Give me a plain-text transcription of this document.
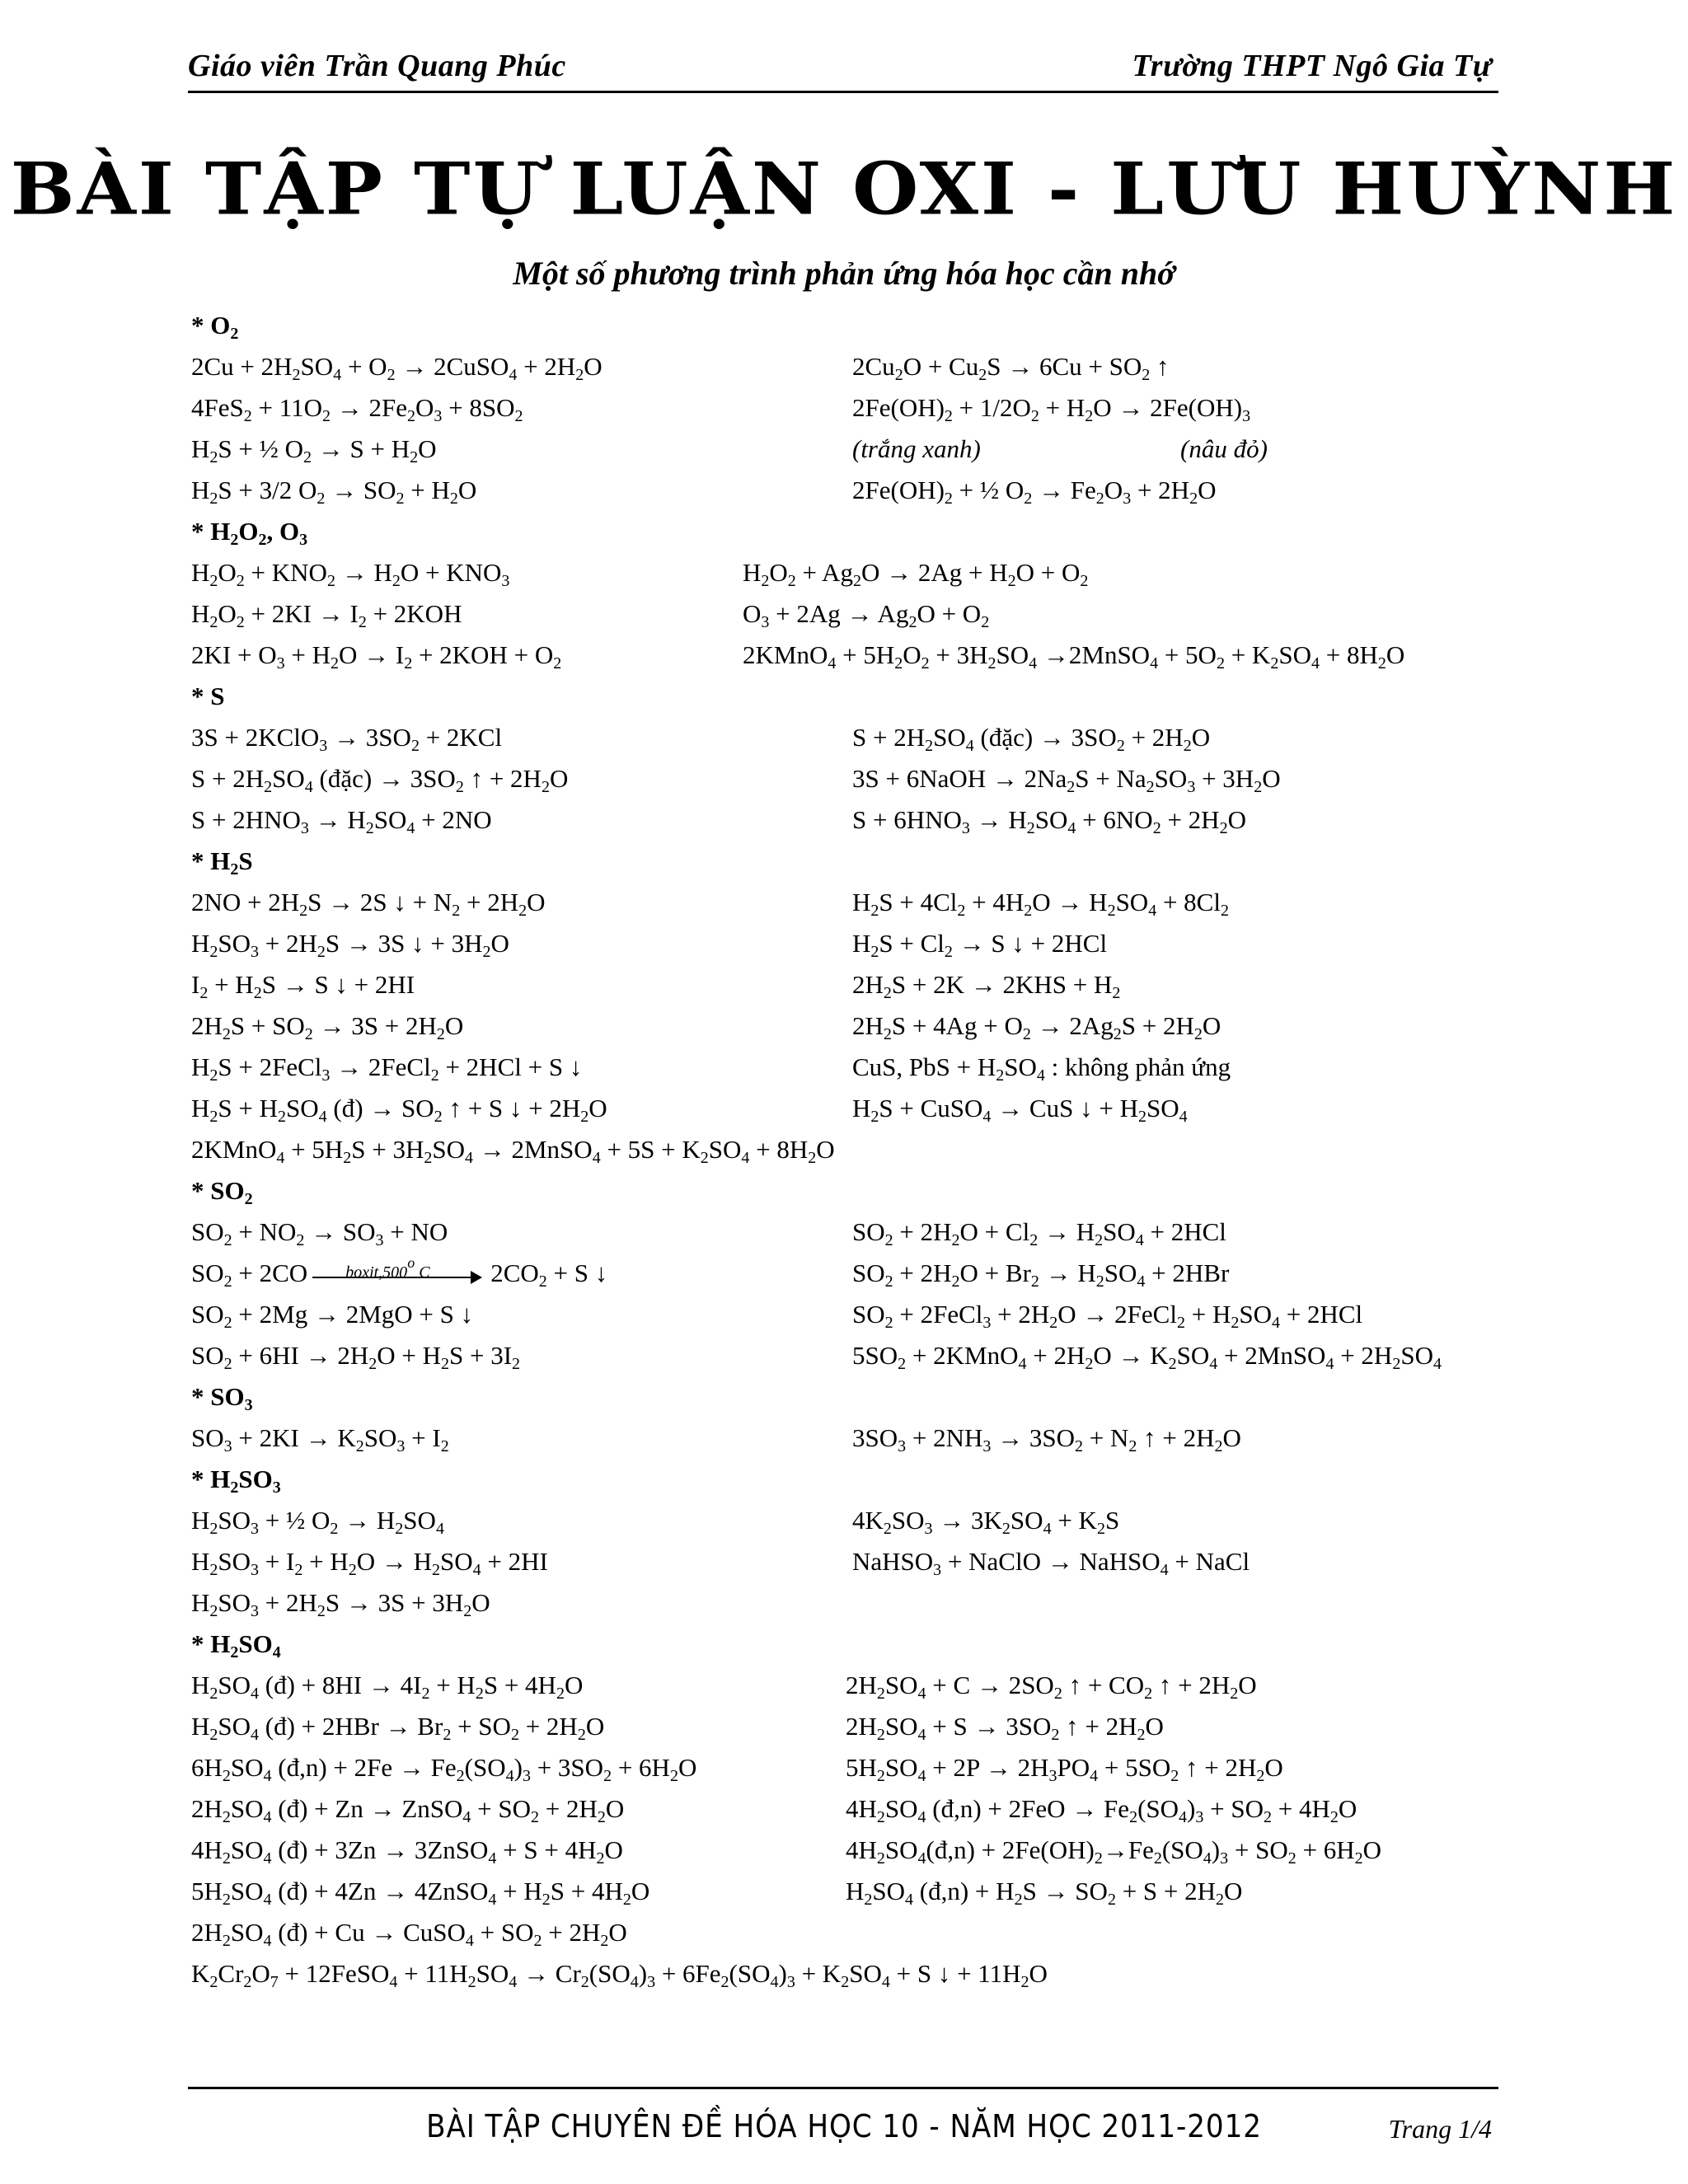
Giáo viên Trần Quang Phúc	Trường THPT Ngô Gia Tự
BÀI TẬP TỰ LUẬN OXI - LƯU HUỲNH
Một số phương trình phản ứng hóa học cần nhớ
* $O_2$
$2Cu + 2H_2SO_4 + O_2$ → 2CuSO$_4$ + $2H_2O$	$2Cu_2O + Cu_2S \to 6Cu + SO_2$ ↑
$4FeS_2 + 11O_2 \to 2Fe_2O_3 + 8SO_2$	$2Fe(OH)_2 + 1/2O_2 + H_2O \to 2Fe(OH)_3$
$H_2S$ + ½ $O_2 \to S + H_2O$	(trắng xanh)	(nâu đỏ)
$H_2S + 3/2$ $O_2 \to SO_2 + H_2O$	$2Fe(OH)_2$ + ½ $O_2 \to Fe_2O_3 + 2H_2O$
* $H_2O_2$, $O_3$
$H_2O_2 + KNO_2 \to H_2O + KNO_3$	$H_2O_2 + Ag_2O \to 2Ag + H_2O + O_2$
$H_2O_2 + 2KI \to I_2 + 2KOH$	$O_3 + 2Ag \to Ag_2O + O_2$
$2KI + O_3 + H_2O \to I_2 + 2KOH + O_2$	2KMnO$_4$ + $5H_2O_2 + 3H_2SO_4$ →2MnSO$_4$ + $5O_2 + K_2SO_4 + 8H_2O$
* S
3S + 2KClO$_3$ → $3SO_2 + 2KCl$	$S + 2H_2SO_4$ (đặc) → $3SO_2 + 2H_2O$
$S + 2H_2SO_4$ (đặc) → $3SO_2$ ↑ + $2H_2O$	3S + 6NaOH → $2Na_2S + Na_2SO_3 + 3H_2O$
$S + 2HNO_3 \to H_2SO_4 + 2NO$	$S + 6HNO_3 \to H_2SO_4 + 6NO_2 + 2H_2O$
* $H_2S$
$2NO + 2H_2S \to 2S$ ↓ + $N_2 + 2H_2O$	$H_2S + 4Cl_2 + 4H_2O \to H_2SO_4 + 8Cl_2$
$H_2SO_3 + 2H_2S \to 3S$ ↓ + $3H_2O$	$H_2S + Cl_2 \to S$ ↓ + 2HCl
$I_2 + H_2S \to S$ ↓ + 2HI	$2H_2S + 2K \to 2KHS + H_2$
$2H_2S + SO_2 \to 3S + 2H_2O$	$2H_2S + 4Ag + O_2 \to 2Ag_2S + 2H_2O$
$H_2S$ + 2FeCl$_3$ → 2FeCl$_2$ + 2HCl + S ↓	CuS, PbS + $H_2SO_4$ : không phản ứng
$H_2S + H_2SO_4$ (đ) → $SO_2$ ↑ + S ↓ + $2H_2O$	$H_2S$ + CuSO$_4$ → CuS ↓ + $H_2SO_4$
2KMnO$_4$ + $5H_2S + 3H_2SO_4$ → 2MnSO$_4$ + $5S + K_2SO_4 + 8H_2O$
* $SO_2$
$SO_2 + NO_2 \to SO_3$ + NO	$SO_2 + 2H_2O + Cl_2 \to H_2SO_4 + 2HCl$
$SO_2 + 2CO$ boxit,500$^o$ C $2CO_2 + S$ ↓	$SO_2 + 2H_2O + Br_2 \to H_2SO_4 + 2HBr$
$SO_2 + 2Mg \to 2MgO + S$ ↓	$SO_2$ + 2FeCl$_3$ + $2H_2O$ → 2FeCl$_2$ + $H_2SO_4 + 2HCl$
$SO_2 + 6HI \to 2H_2O + H_2S + 3I_2$	$5SO_2$ + 2KMnO$_4$ + $2H_2O \to K_2SO_4$ + 2MnSO$_4$ + $2H_2SO_4$
* $SO_3$
$SO_3 + 2KI \to K_2SO_3 + I_2$	$3SO_3 + 2NH_3 \to 3SO_2 + N_2$ ↑ + $2H_2O$
* $H_2SO_3$
$H_2SO_3$ + ½ $O_2 \to H_2SO_4$	$4K_2SO_3 \to 3K_2SO_4 + K_2S$
$H_2SO_3 + I_2 + H_2O \to H_2SO_4 + 2HI$	NaHSO$_3$ + NaClO → NaHSO$_4$ + NaCl
$H_2SO_3 + 2H_2S \to 3S + 3H_2O$
* $H_2SO_4$
$H_2SO_4$ (đ) + $8HI \to 4I_2 + H_2S + 4H_2O$	$2H_2SO_4 + C \to 2SO_2$ ↑ + $CO_2$ ↑ + $2H_2O$
$H_2SO_4$ (đ) + $2HBr \to Br_2 + SO_2 + 2H_2O$	$2H_2SO_4 + S \to 3SO_2$ ↑ + $2H_2O$
$6H_2SO_4$ (đ,n) + $2Fe \to Fe_2(SO_4)_3 + 3SO_2 + 6H_2O$	$5H_2SO_4 + 2P \to 2H_3PO_4 + 5SO_2$ ↑ + $2H_2O$
$2H_2SO_4$ (đ) + Zn → ZnSO$_4$ + $SO_2 + 2H_2O$	$4H_2SO_4$ (đ,n) + $2FeO \to Fe_2(SO_4)_3 + SO_2 + 4H_2O$
$4H_2SO_4$ (đ) + 3Zn → 3ZnSO$_4$ + $S + 4H_2O$	$4H_2SO_4(đ,n) + 2Fe(OH)_2\to Fe_2(SO_4)_3 + SO_2 + 6H_2O$
$5H_2SO_4$ (đ) + 4Zn → 4ZnSO$_4$ + $H_2S + 4H_2O$	$H_2SO_4$ (đ,n) + $H_2S \to SO_2 + S + 2H_2O$
$2H_2SO_4$ (đ) + Cu → CuSO$_4$ + $SO_2 + 2H_2O$
$K_2Cr_2O_7$ + 12FeSO$_4$ + $11H_2SO_4 \to Cr_2(SO_4)_3 + 6Fe_2(SO_4)_3 + K_2SO_4 + S$ ↓ + $11H_2O$
BÀI TẬP CHUYÊN ĐỀ HÓA HỌC 10 - NĂM HỌC 2011-2012	Trang 1/4
